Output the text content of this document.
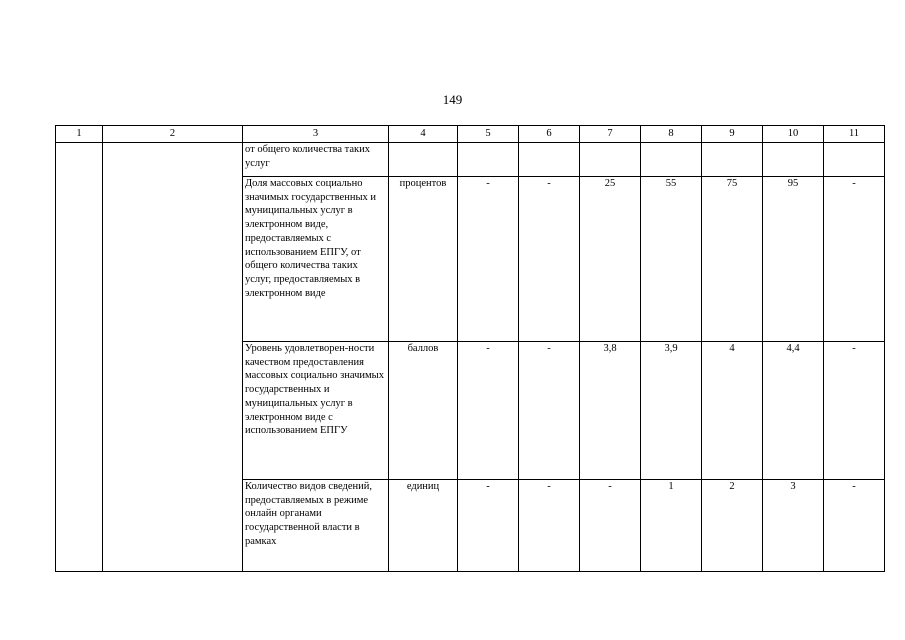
149
1	2	3	4	5	6	7	8	9	10	11
		от общего количества таких услуг								
		Доля массовых социально значимых государственных и муниципальных услуг в электронном виде, предоставляемых с использованием ЕПГУ, от общего количества таких услуг, предоставляемых в электронном виде	процентов	-	-	25	55	75	95	-
		Уровень удовлетворен-ности качеством предоставления массовых социально значимых государственных и муниципальных услуг в электронном виде с использованием ЕПГУ	баллов	-	-	3,8	3,9	4	4,4	-
		Количество видов сведений, предоставляемых в режиме онлайн органами государственной власти в рамках	единиц	-	-	-	1	2	3	-
